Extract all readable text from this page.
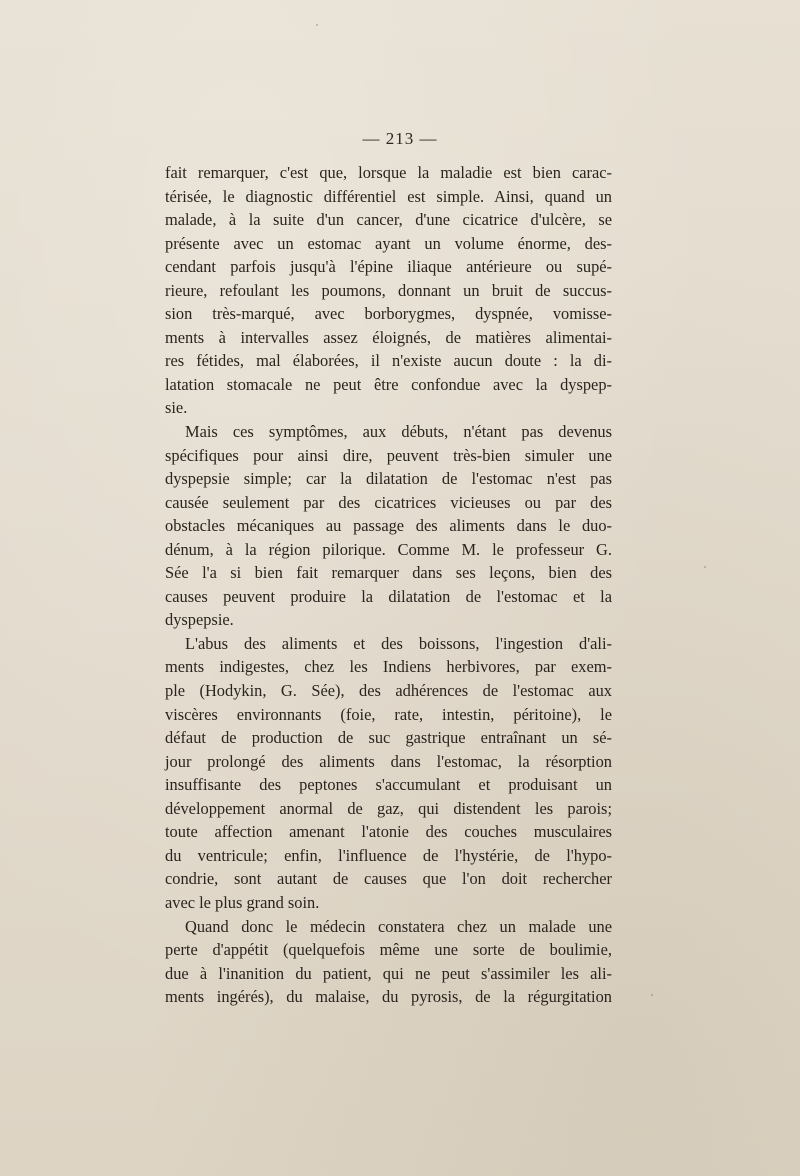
— 213 —
fait remarquer, c'est que, lorsque la maladie est bien carac-
térisée, le diagnostic différentiel est simple. Ainsi, quand un
malade, à la suite d'un cancer, d'une cicatrice d'ulcère, se
présente avec un estomac ayant un volume énorme, des-
cendant parfois jusqu'à l'épine iliaque antérieure ou supé-
rieure, refoulant les poumons, donnant un bruit de succus-
sion très-marqué, avec borborygmes, dyspnée, vomisse-
ments à intervalles assez éloignés, de matières alimentai-
res fétides, mal élaborées, il n'existe aucun doute : la di-
latation stomacale ne peut être confondue avec la dyspep-
sie.
Mais ces symptômes, aux débuts, n'étant pas devenus
spécifiques pour ainsi dire, peuvent très-bien simuler une
dyspepsie simple; car la dilatation de l'estomac n'est pas
causée seulement par des cicatrices vicieuses ou par des
obstacles mécaniques au passage des aliments dans le duo-
dénum, à la région pilorique. Comme M. le professeur G.
Sée l'a si bien fait remarquer dans ses leçons, bien des
causes peuvent produire la dilatation de l'estomac et la
dyspepsie.
L'abus des aliments et des boissons, l'ingestion d'ali-
ments indigestes, chez les Indiens herbivores, par exem-
ple (Hodykin, G. Sée), des adhérences de l'estomac aux
viscères environnants (foie, rate, intestin, péritoine), le
défaut de production de suc gastrique entraînant un sé-
jour prolongé des aliments dans l'estomac, la résorption
insuffisante des peptones s'accumulant et produisant un
développement anormal de gaz, qui distendent les parois;
toute affection amenant l'atonie des couches musculaires
du ventricule; enfin, l'influence de l'hystérie, de l'hypo-
condrie, sont autant de causes que l'on doit rechercher
avec le plus grand soin.
Quand donc le médecin constatera chez un malade une
perte d'appétit (quelquefois même une sorte de boulimie,
due à l'inanition du patient, qui ne peut s'assimiler les ali-
ments ingérés), du malaise, du pyrosis, de la régurgitation
